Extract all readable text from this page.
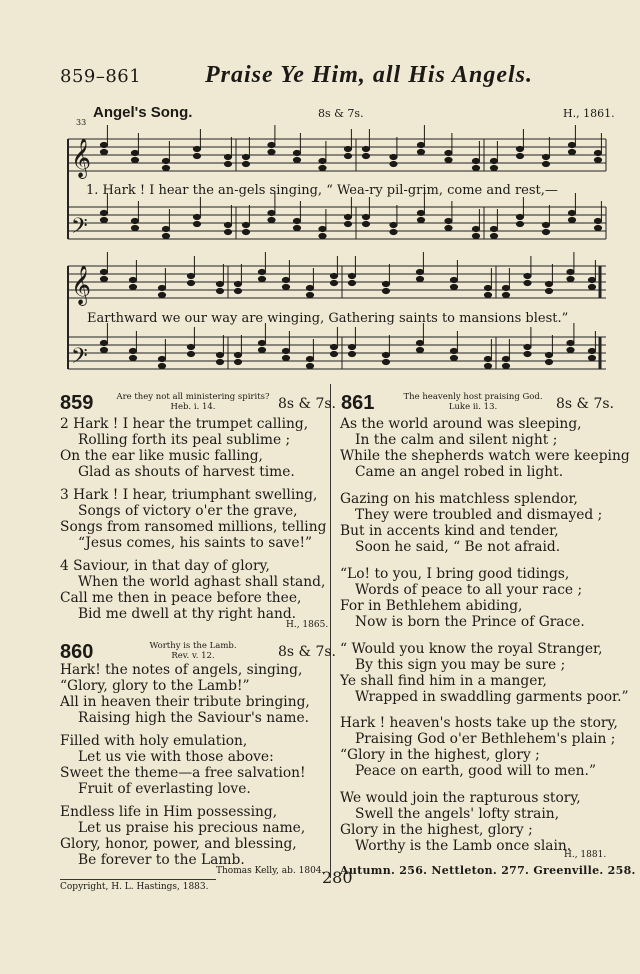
859–861	Praise Ye Him, all His Angels.
Angel's Song.	8s & 7s.	H., 1861.
33
𝄞
𝄢
𝄞
𝄢
1. Hark ! I hear the an-gels singing, “ Wea-ry pil-grim, come and rest,—
Earthward we our way are winging, Gathering saints to mansions blest.”
859	Are they not all ministering spirits?
Heb. i. 14.	8s & 7s.
2 Hark ! I hear the trumpet calling,
Rolling forth its peal sublime ;
On the ear like music falling,
Glad as shouts of harvest time.
3 Hark ! I hear, triumphant swelling,
Songs of victory o'er the grave,
Songs from ransomed millions, telling
“Jesus comes, his saints to save!”
4 Saviour, in that day of glory,
When the world aghast shall stand,
Call me then in peace before thee,
Bid me dwell at thy right hand.
H., 1865.
860	Worthy is the Lamb.
Rev. v. 12.	8s & 7s.
Hark! the notes of angels, singing,
“Glory, glory to the Lamb!”
All in heaven their tribute bringing,
Raising high the Saviour's name.
Filled with holy emulation,
Let us vie with those above:
Sweet the theme—a free salvation!
Fruit of everlasting love.
Endless life in Him possessing,
Let us praise his precious name,
Glory, honor, power, and blessing,
Be forever to the Lamb.
Thomas Kelly, ab. 1804.
861	The heavenly host praising God.
Luke ii. 13.	8s & 7s.
As the world around was sleeping,
In the calm and silent night ;
While the shepherds watch were keeping
Came an angel robed in light.
Gazing on his matchless splendor,
They were troubled and dismayed ;
But in accents kind and tender,
Soon he said, “ Be not afraid.
“Lo! to you, I bring good tidings,
Words of peace to all your race ;
For in Bethlehem abiding,
Now is born the Prince of Grace.
“ Would you know the royal Stranger,
By this sign you may be sure ;
Ye shall find him in a manger,
Wrapped in swaddling garments poor.”
Hark ! heaven's hosts take up the story,
Praising God o'er Bethlehem's plain ;
“Glory in the highest, glory ;
Peace on earth, good will to men.”
We would join the rapturous story,
Swell the angels' lofty strain,
Glory in the highest, glory ;
Worthy is the Lamb once slain.
H., 1881.
Autumn. 256. Nettleton. 277. Greenville. 258.
Copyright, H. L. Hastings, 1883.	280
